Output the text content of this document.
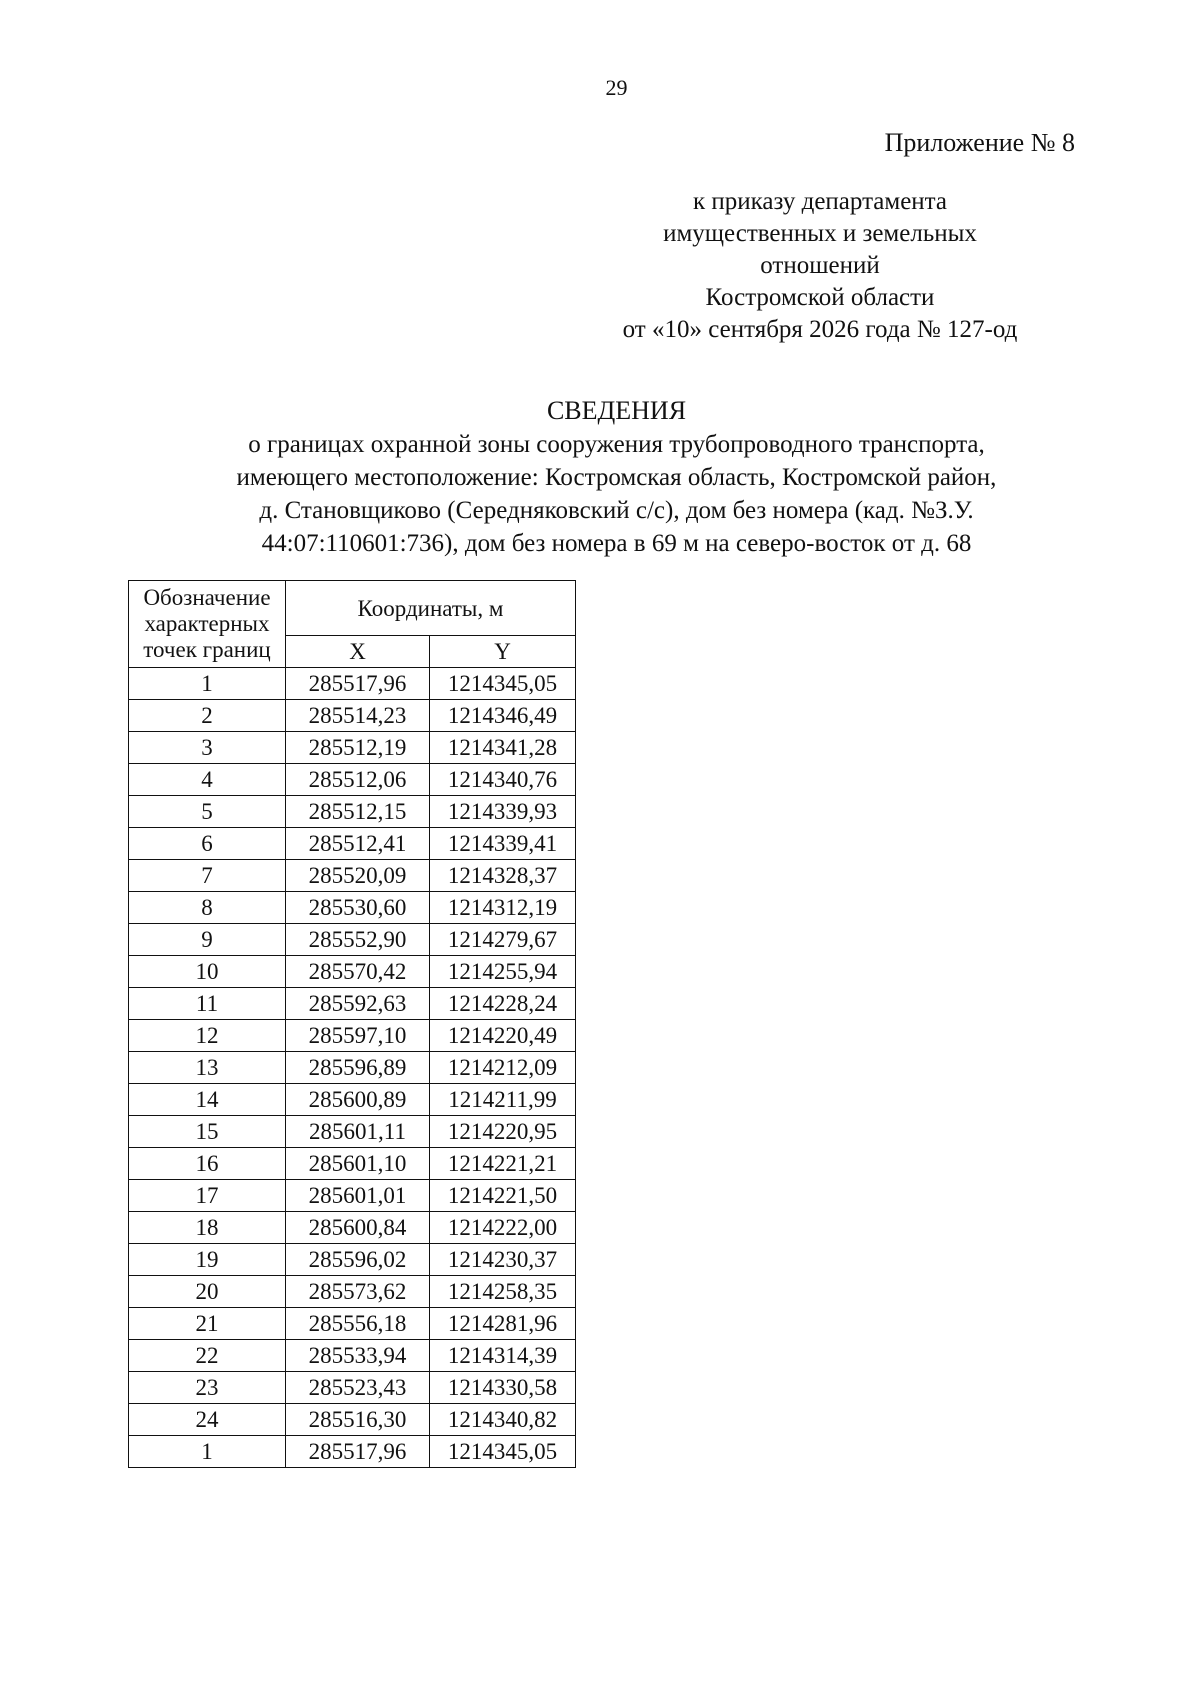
29
Приложение № 8
к приказу департамента
имущественных и земельных
отношений
Костромской области
от «10» сентября 2026 года № 127-од
СВЕДЕНИЯ
о границах охранной зоны сооружения трубопроводного транспорта,
имеющего местоположение: Костромская область, Костромской район,
д. Становщиково (Середняковский с/с), дом без номера (кад. №З.У.
44:07:110601:736), дом без номера в 69 м на северо-восток от д. 68
Обозначение характерных точек границ	Координаты, м	
	X	Y
1	285517,96	1214345,05
2	285514,23	1214346,49
3	285512,19	1214341,28
4	285512,06	1214340,76
5	285512,15	1214339,93
6	285512,41	1214339,41
7	285520,09	1214328,37
8	285530,60	1214312,19
9	285552,90	1214279,67
10	285570,42	1214255,94
11	285592,63	1214228,24
12	285597,10	1214220,49
13	285596,89	1214212,09
14	285600,89	1214211,99
15	285601,11	1214220,95
16	285601,10	1214221,21
17	285601,01	1214221,50
18	285600,84	1214222,00
19	285596,02	1214230,37
20	285573,62	1214258,35
21	285556,18	1214281,96
22	285533,94	1214314,39
23	285523,43	1214330,58
24	285516,30	1214340,82
1	285517,96	1214345,05
